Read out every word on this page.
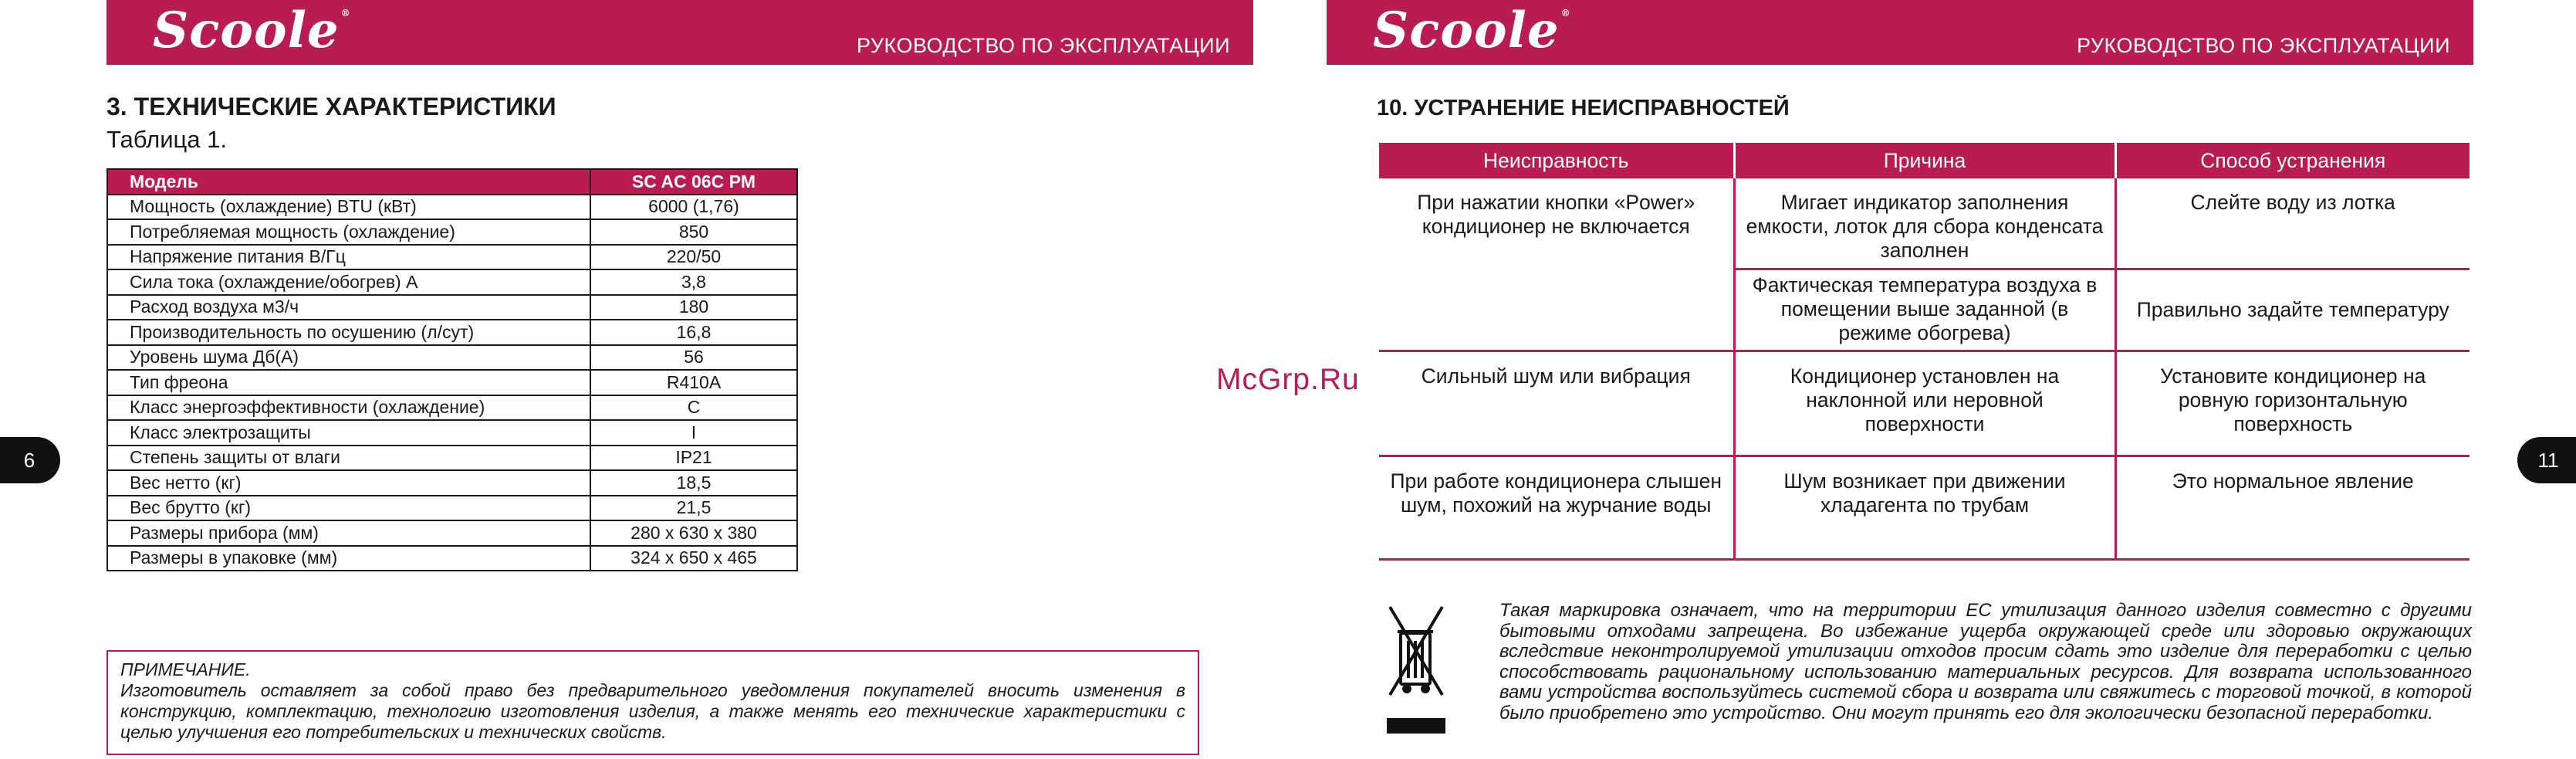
Scoole ®
РУКОВОДСТВО ПО ЭКСПЛУАТАЦИИ
6
3. ТЕХНИЧЕСКИЕ ХАРАКТЕРИСТИКИ
Таблица 1.
Модель	SC AC 06C PM
Мощность (охлаждение) BTU (кВт)	6000 (1,76)
Потребляемая мощность (охлаждение)	850
Напряжение питания В/Гц	220/50
Сила тока (охлаждение/обогрев) А	3,8
Расход воздуха м3/ч	180
Производительность по осушению (л/сут)	16,8
Уровень шума Дб(А)	56
Тип фреона	R410A
Класс энергоэффективности (охлаждение)	C
Класс электрозащиты	I
Степень защиты от влаги	IP21
Вес нетто (кг)	18,5
Вес брутто (кг)	21,5
Размеры прибора (мм)	280 x 630 x 380
Размеры в упаковке (мм)	324 x 650 x 465
ПРИМЕЧАНИЕ.
Изготовитель оставляет за собой право без предварительного уведомления покупателей вносить изменения в конструкцию, комплектацию, технологию изготовления изделия, а также менять его технические характеристики с целью улучшения его потребительских и технических свойств.
McGrp.Ru
Scoole ®
РУКОВОДСТВО ПО ЭКСПЛУАТАЦИИ
11
10. УСТРАНЕНИЕ НЕИСПРАВНОСТЕЙ
Неисправность	Причина	Способ устранения
При нажатии кнопки «Power» кондиционер не включается	Мигает индикатор заполнения емкости, лоток для сбора конденсата заполнен	Слейте воду из лотка
	Фактическая температура воздуха в помещении выше заданной (в режиме обогрева)	Правильно задайте температуру
Сильный шум или вибрация	Кондиционер установлен на наклонной или неровной поверхности	Установите кондиционер на ровную горизонтальную поверхность
При работе кондиционера слышен шум, похожий на журчание воды	Шум возникает при движении хладагента по трубам	Это нормальное явление
Такая маркировка означает, что на территории ЕС утилизация данного изделия совместно с другими бытовыми отходами запрещена. Во избежание ущерба окружающей среде или здоровью окружающих вследствие неконтролируемой утилизации отходов просим сдать это изделие для переработки с целью способствовать рациональному использованию материальных ресурсов. Для возврата использованного вами устройства воспользуйтесь системой сбора и возврата или свяжитесь с торговой точкой, в которой было приобретено это устройство. Они могут принять его для экологически безопасной переработки.
